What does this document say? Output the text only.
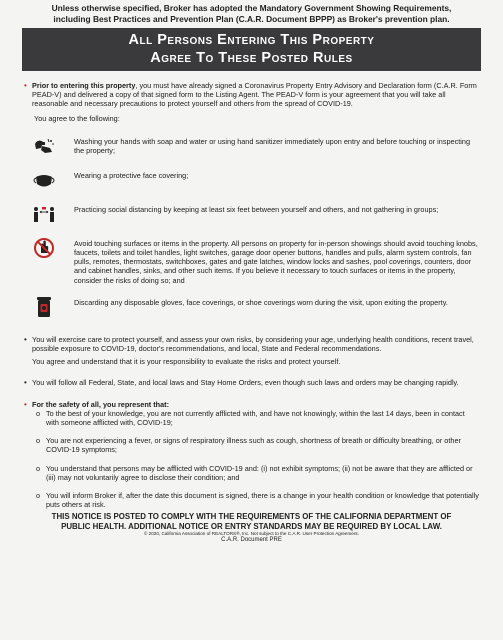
Unless otherwise specified, Broker has adopted the Mandatory Government Showing Requirements,
including Best Practices and Prevention Plan (C.A.R. Document BPPP) as Broker's prevention plan.
All Persons Entering This Property
Agree To These Posted Rules
• Prior to entering this property, you must have already signed a Coronavirus Property Entry Advisory and Declaration form (C.A.R. Form PEAD-V) and delivered a copy of that signed form to the Listing Agent. The PEAD-V form is your agreement that you will take all reasonable and necessary precautions to protect yourself and others from the spread of COVID-19.
You agree to the following:
Washing your hands with soap and water or using hand sanitizer immediately upon entry and before touching or inspecting the property;
Wearing a protective face covering;
Practicing social distancing by keeping at least six feet between yourself and others, and not gathering in groups;
Avoid touching surfaces or items in the property. All persons on property for in-person showings should avoid touching knobs, faucets, toilets and toilet handles, light switches, garage door opener buttons, handles and pulls, alarm system controls, fan pulls, remotes, thermostats, switchboxes, gates and gate latches, window locks and sashes, pool coverings, counters, door and cabinet handles, sinks, and other such items. If you believe it necessary to touch surfaces or items in the property, consider the risks of doing so; and
Discarding any disposable gloves, face coverings, or shoe coverings worn during the visit, upon exiting the property.
• You will exercise care to protect yourself, and assess your own risks, by considering your age, underlying health conditions, recent travel, possible exposure to COVID-19, doctor's recommendations, and local, State and Federal recommendations.
You agree and understand that it is your responsibility to evaluate the risks and protect yourself.
• You will follow all Federal, State, and local laws and Stay Home Orders, even though such laws and orders may be changing rapidly.
• For the safety of all, you represent that:
o To the best of your knowledge, you are not currently afflicted with, and have not knowingly, within the last 14 days, been in contact with someone afflicted with, COVID-19;
o You are not experiencing a fever, or signs of respiratory illness such as cough, shortness of breath or difficulty breathing, or other COVID-19 symptoms;
o You understand that persons may be afflicted with COVID-19 and: (i) not exhibit symptoms; (ii) not be aware that they are afflicted or (iii) may not voluntarily agree to disclose their condition; and
o You will inform Broker if, after the date this document is signed, there is a change in your health condition or knowledge that potentially puts others at risk.
THIS NOTICE IS POSTED TO COMPLY WITH THE REQUIREMENTS OF THE CALIFORNIA DEPARTMENT OF
PUBLIC HEALTH. ADDITIONAL NOTICE OR ENTRY STANDARDS MAY BE REQUIRED BY LOCAL LAW.
© 2020, California Association of REALTORS®, Inc. Not subject to the C.A.R. User Protection Agreement.
C.A.R. Document PRE
